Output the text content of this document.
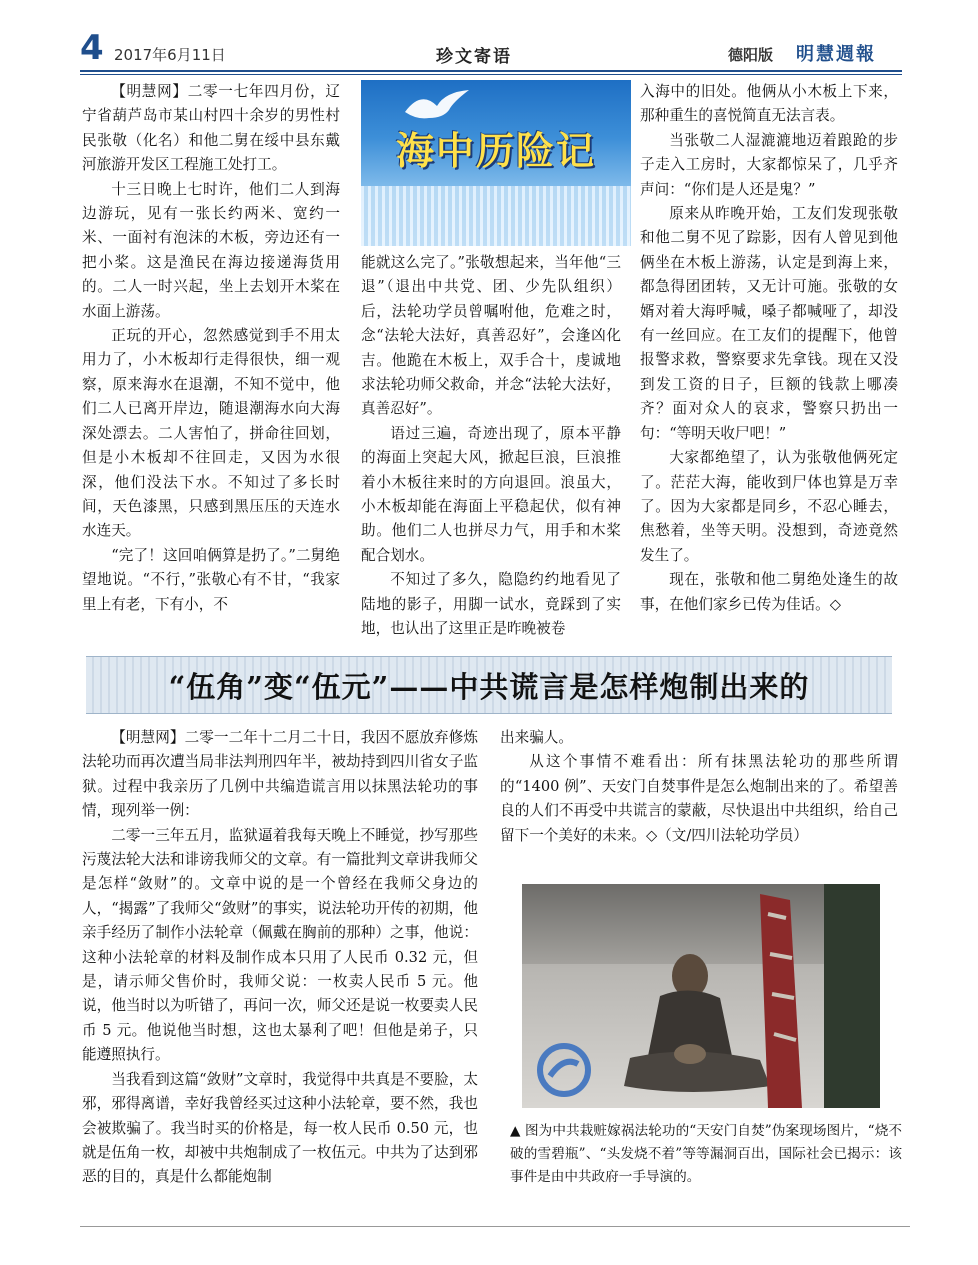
4 2017年6月11日	珍文寄语	德阳版 明慧週報

【明慧网】二零一七年四月份，辽宁省葫芦岛市某山村四十余岁的男性村民张敬（化名）和他二舅在绥中县东戴河旅游开发区工程施工处打工。

十三日晚上七时许，他们二人到海边游玩，见有一张长约两米、宽约一米、一面衬有泡沫的木板，旁边还有一把小桨。这是渔民在海边接递海货用的。二人一时兴起，坐上去划开木桨在水面上游荡。

正玩的开心，忽然感觉到手不用太用力了，小木板却行走得很快，细一观察，原来海水在退潮，不知不觉中，他们二人已离开岸边，随退潮海水向大海深处漂去。二人害怕了，拼命往回划，但是小木板却不往回走，又因为水很深，他们没法下水。不知过了多长时间，天色漆黑，只感到黑压压的天连水水连天。

“完了！这回咱俩算是扔了。”二舅绝望地说。“不行，”张敬心有不甘，“我家里上有老，下有小，不

海中历险记

能就这么完了。”张敬想起来，当年他“三退”（退出中共党、团、少先队组织）后，法轮功学员曾嘱咐他，危难之时，念“法轮大法好，真善忍好”，会逢凶化吉。他跪在木板上，双手合十，虔诚地求法轮功师父救命，并念“法轮大法好，真善忍好”。

语过三遍，奇迹出现了，原本平静的海面上突起大风，掀起巨浪，巨浪推着小木板往来时的方向退回。浪虽大，小木板却能在海面上平稳起伏，似有神助。他们二人也拼尽力气，用手和木桨配合划水。

不知过了多久，隐隐约约地看见了陆地的影子，用脚一试水，竟踩到了实地，也认出了这里正是昨晚被卷

入海中的旧处。他俩从小木板上下来，那种重生的喜悦简直无法言表。

当张敬二人湿漉漉地迈着踉跄的步子走入工房时，大家都惊呆了，几乎齐声问：“你们是人还是鬼？”

原来从昨晚开始，工友们发现张敬和他二舅不见了踪影，因有人曾见到他俩坐在木板上游荡，认定是到海上来，都急得团团转，又无计可施。张敬的女婿对着大海呼喊，嗓子都喊哑了，却没有一丝回应。在工友们的提醒下，他曾报警求救，警察要求先拿钱。现在又没到发工资的日子，巨额的钱款上哪凑齐？面对众人的哀求，警察只扔出一句：“等明天收尸吧！”

大家都绝望了，认为张敬他俩死定了。茫茫大海，能收到尸体也算是万幸了。因为大家都是同乡，不忍心睡去，焦愁着，坐等天明。没想到，奇迹竟然发生了。

现在，张敬和他二舅绝处逢生的故事，在他们家乡已传为佳话。◇

“伍角”变“伍元”——中共谎言是怎样炮制出来的

【明慧网】二零一二年十二月二十日，我因不愿放弃修炼法轮功而再次遭当局非法判刑四年半，被劫持到四川省女子监狱。过程中我亲历了几例中共编造谎言用以抹黑法轮功的事情，现列举一例：

二零一三年五月，监狱逼着我每天晚上不睡觉，抄写那些污蔑法轮大法和诽谤我师父的文章。有一篇批判文章讲我师父是怎样“敛财”的。文章中说的是一个曾经在我师父身边的人，“揭露”了我师父“敛财”的事实，说法轮功开传的初期，他亲手经历了制作小法轮章（佩戴在胸前的那种）之事，他说：这种小法轮章的材料及制作成本只用了人民币 0.32 元，但是，请示师父售价时，我师父说：一枚卖人民币 5 元。他说，他当时以为听错了，再问一次，师父还是说一枚要卖人民币 5 元。他说他当时想，这也太暴利了吧！但他是弟子，只能遵照执行。

当我看到这篇“敛财”文章时，我觉得中共真是不要脸，太邪，邪得离谱，幸好我曾经买过这种小法轮章，要不然，我也会被欺骗了。我当时买的价格是，每一枚人民币 0.50 元，也就是伍角一枚，却被中共炮制成了一枚伍元。中共为了达到邪恶的目的，真是什么都能炮制

出来骗人。

从这个事情不难看出：所有抹黑法轮功的那些所谓的“1400 例”、天安门自焚事件是怎么炮制出来的了。希望善良的人们不再受中共谎言的蒙蔽，尽快退出中共组织，给自己留下一个美好的未来。◇（文/四川法轮功学员）

▲ 图为中共栽赃嫁祸法轮功的“天安门自焚”伪案现场图片，“烧不破的雪碧瓶”、“头发烧不着”等等漏洞百出，国际社会已揭示：该事件是由中共政府一手导演的。
